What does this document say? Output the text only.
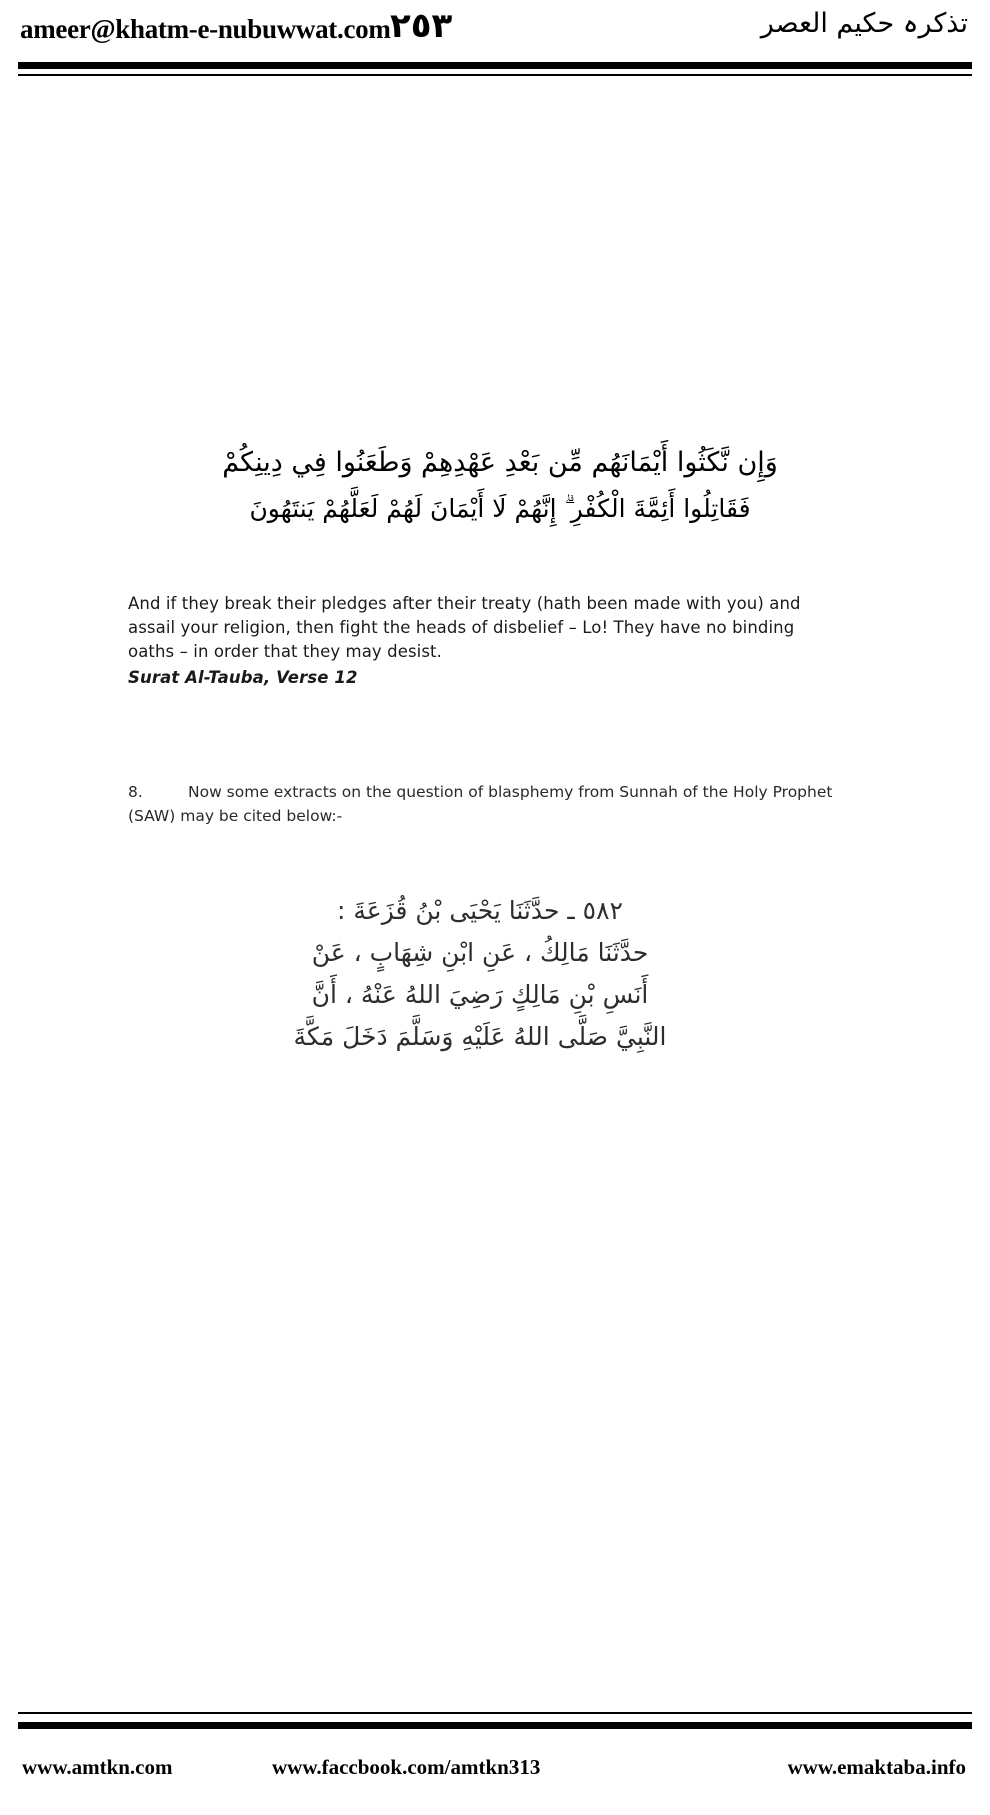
ameer@khatm-e-nubuwwat.com ٢٥٣	تذکرہ حکیم العصر
وَإِن نَّكَثُوا أَيْمَانَهُم مِّن بَعْدِ عَهْدِهِمْ وَطَعَنُوا فِي دِينِكُمْ
فَقَاتِلُوا أَئِمَّةَ الْكُفْرِ ۗ إِنَّهُمْ لَا أَيْمَانَ لَهُمْ لَعَلَّهُمْ يَنتَهُونَ
And if they break their pledges after their treaty (hath been made with you) and assail your religion, then fight the heads of disbelief – Lo! They have no binding oaths – in order that they may desist.
Surat Al-Tauba, Verse 12
8.	Now some extracts on the question of blasphemy from Sunnah of the Holy Prophet (SAW) may be cited below:-
٥٨٢ ـ حدَّثَنَا يَحْيَى بْنُ قُزَعَةَ :
حدَّثَنَا مَالِكُ ، عَنِ ابْنِ شِهَابٍ ، عَنْ
أَنَسِ بْنِ مَالِكٍ رَضِيَ اللهُ عَنْهُ ، أَنَّ
النَّبِيَّ صَلَّى اللهُ عَلَيْهِ وَسَلَّمَ دَخَلَ مَكَّةَ
www.amtkn.com	www.faccbook.com/amtkn313	www.emaktaba.info
